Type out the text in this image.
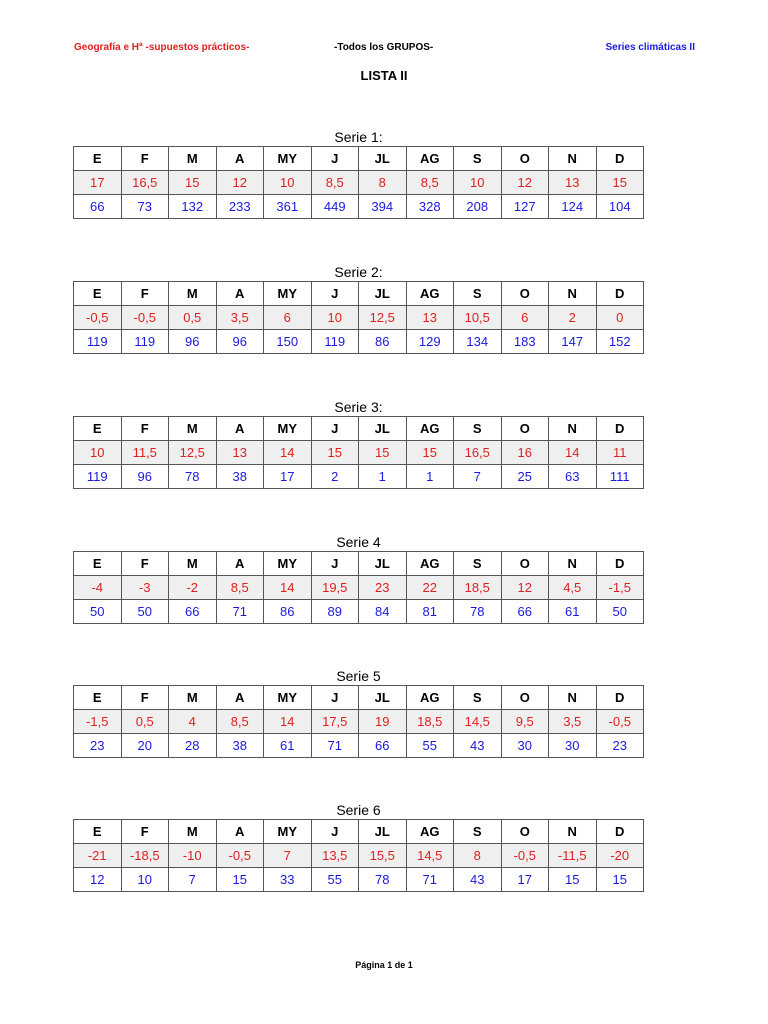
Geografía e Hª -supuestos prácticos-	-Todos los GRUPOS-	Series climáticas II
LISTA II
Serie 1:
E	F	M	A	MY	J	JL	AG	S	O	N	D
17	16,5	15	12	10	8,5	8	8,5	10	12	13	15
66	73	132	233	361	449	394	328	208	127	124	104
Serie 2:
E	F	M	A	MY	J	JL	AG	S	O	N	D
-0,5	-0,5	0,5	3,5	6	10	12,5	13	10,5	6	2	0
119	119	96	96	150	119	86	129	134	183	147	152
Serie 3:
E	F	M	A	MY	J	JL	AG	S	O	N	D
10	11,5	12,5	13	14	15	15	15	16,5	16	14	11
119	96	78	38	17	2	1	1	7	25	63	111
Serie 4
E	F	M	A	MY	J	JL	AG	S	O	N	D
-4	-3	-2	8,5	14	19,5	23	22	18,5	12	4,5	-1,5
50	50	66	71	86	89	84	81	78	66	61	50
Serie 5
E	F	M	A	MY	J	JL	AG	S	O	N	D
-1,5	0,5	4	8,5	14	17,5	19	18,5	14,5	9,5	3,5	-0,5
23	20	28	38	61	71	66	55	43	30	30	23
Serie 6
E	F	M	A	MY	J	JL	AG	S	O	N	D
-21	-18,5	-10	-0,5	7	13,5	15,5	14,5	8	-0,5	-11,5	-20
12	10	7	15	33	55	78	71	43	17	15	15
Página 1 de 1
